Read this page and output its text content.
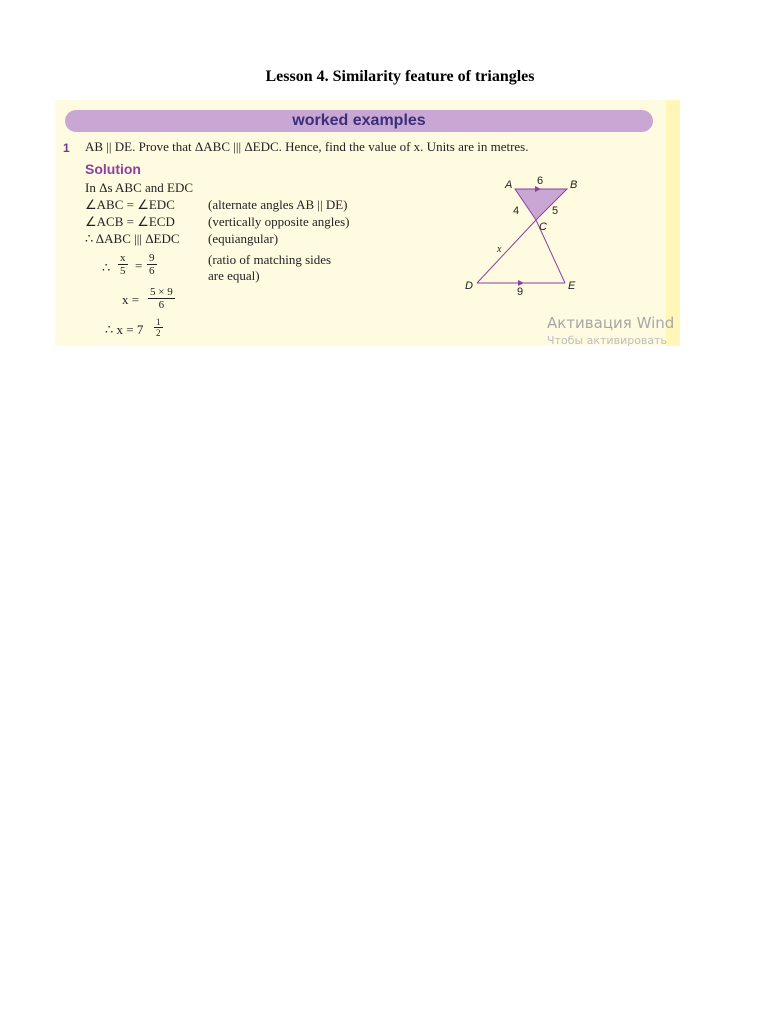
Lesson 4. Similarity feature of triangles
worked examples
1 AB || DE. Prove that ΔABC ||| ΔEDC. Hence, find the value of x. Units are in metres.
Solution
In Δs ABC and EDC
∠ABC = ∠EDC	(alternate angles AB || DE)
∠ACB = ∠ECD	(vertically opposite angles)
∴ ΔABC ||| ΔEDC (equiangular)
∴ $\frac{x}{5} = \frac{9}{6}$	(ratio of matching sides
are equal)
$x = \frac{5 \times 9}{6}$
∴ $x = 7 \frac{1}{2}$
A	B
C
D	E
6
4	5
9
x
Активация Wind
Чтобы активировать
